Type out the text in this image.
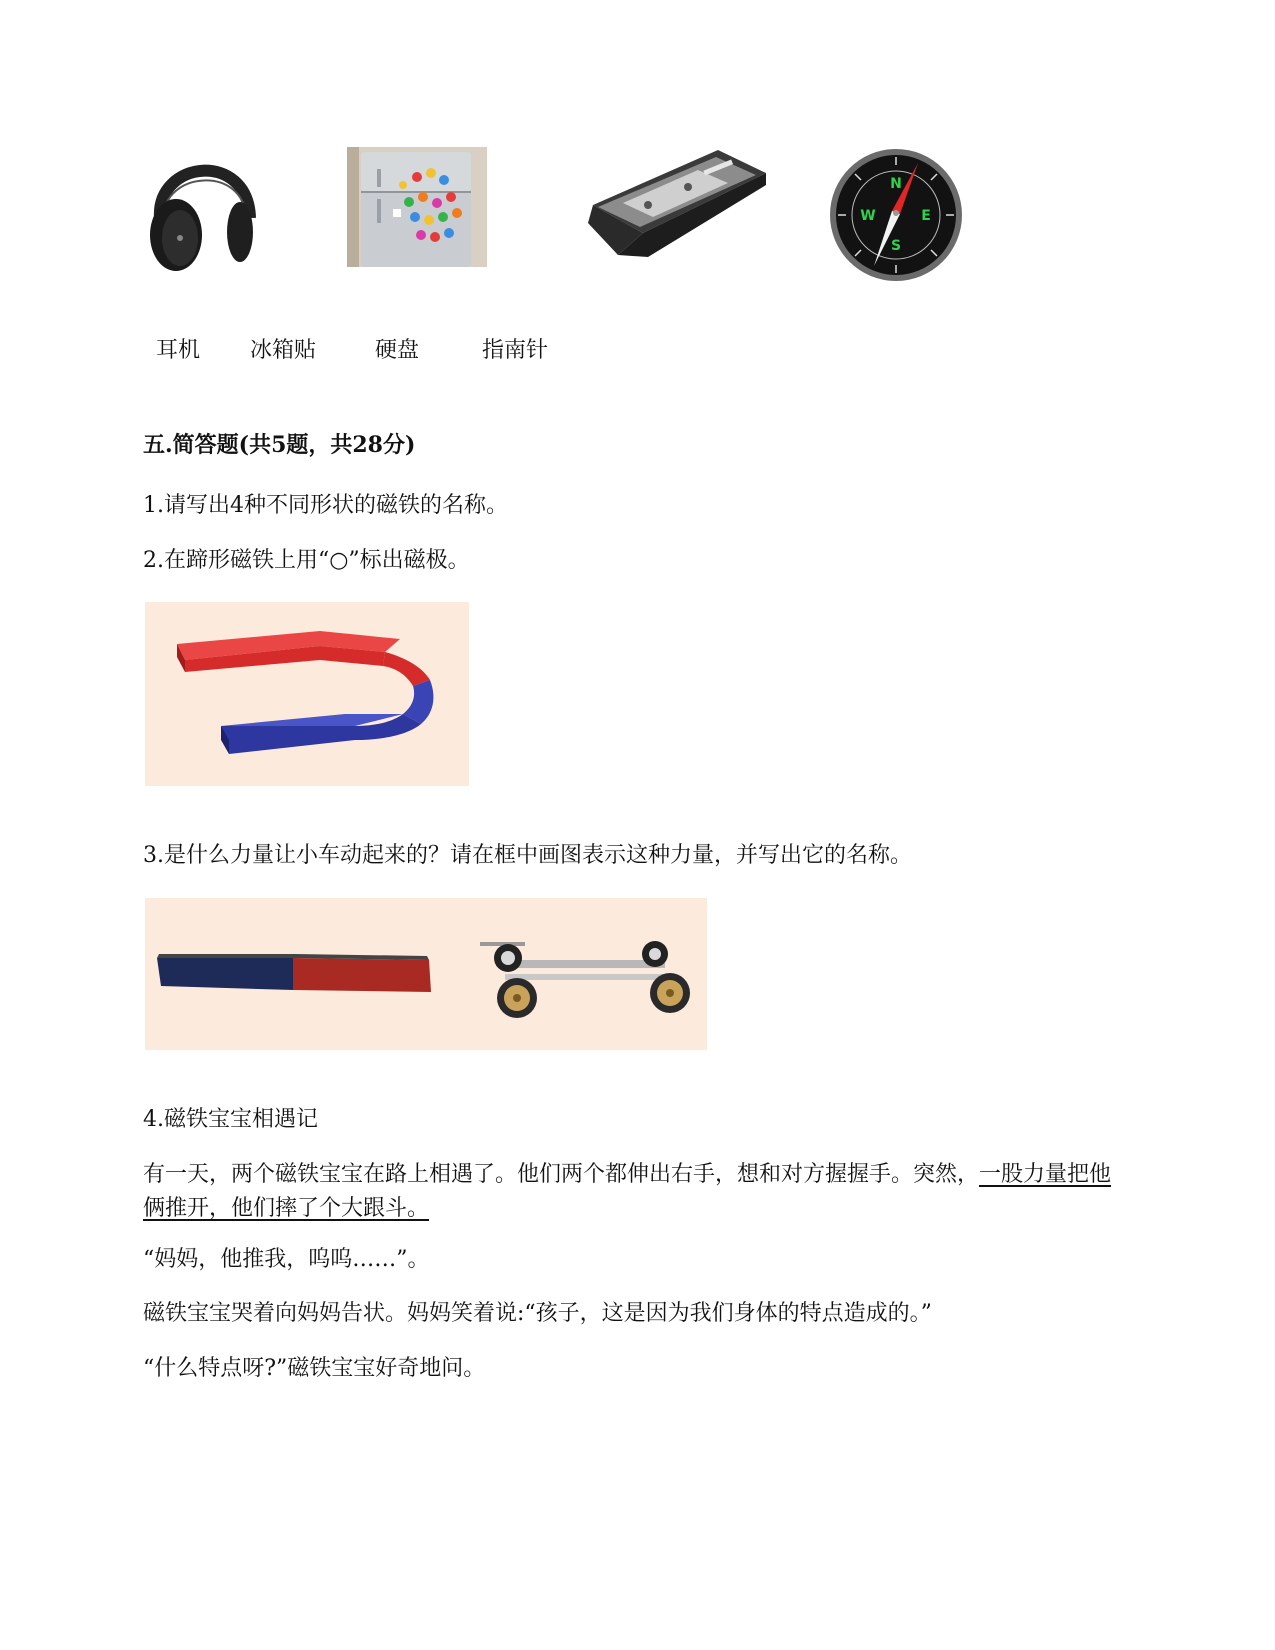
N
E
S
W
耳机 冰箱贴	硬盘	指南针
五.简答题(共5题，共28分)
1.请写出4种不同形状的磁铁的名称。
2.在蹄形磁铁上用“○”标出磁极。
3.是什么力量让小车动起来的？请在框中画图表示这种力量，并写出它的名称。
4.磁铁宝宝相遇记
有一天，两个磁铁宝宝在路上相遇了。他们两个都伸出右手，想和对方握握手。突然，一股力量把他俩推开，他们摔了个大跟斗。
“妈妈，他推我，呜呜……”。
磁铁宝宝哭着向妈妈告状。妈妈笑着说:“孩子，这是因为我们身体的特点造成的。”
“什么特点呀?”磁铁宝宝好奇地问。
